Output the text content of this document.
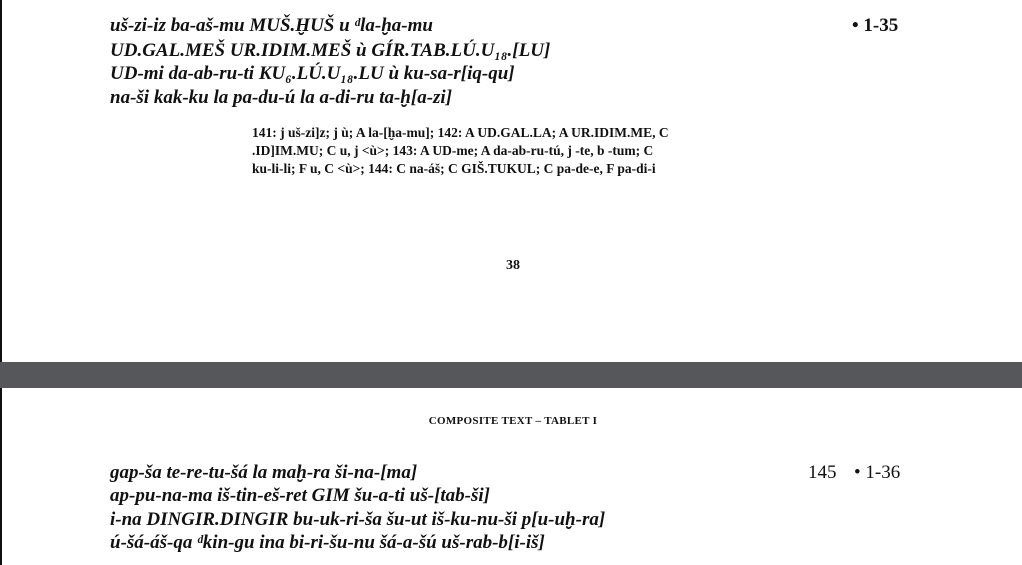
uš-zi-iz ba-aš-mu MUŠ.ḪUŠ u ᵈla-ḫa-mu
UD.GAL.MEŠ UR.IDIM.MEŠ ù GÍR.TAB.LÚ.U₁₈.[LU]
UD-mi da-ab-ru-ti KU₆.LÚ.U₁₈.LU ù ku-sa-r[iq-qu]
na-ši kak-ku la pa-du-ú la a-di-ru ta-ḫ[a-zi]
• 1-35
141: j uš-zi]z; j ù; A la-[ḫa-mu]; 142: A UD.GAL.LA; A UR.IDIM.ME, C
.ID]IM.MU; C u, j <ù>; 143: A UD-me; A da-ab-ru-tú, j -te, b -tum; C
ku-li-li; F u, C <ù>; 144: C na-áš; C GIŠ.TUKUL; C pa-de-e, F pa-di-i
38
COMPOSITE TEXT – TABLET I
gap-ša te-re-tu-šá la maḫ-ra ši-na-[ma]
ap-pu-na-ma iš-tin-eš-ret GIM šu-a-ti uš-[tab-ši]
i-na DINGIR.DINGIR bu-uk-ri-ša šu-ut iš-ku-nu-ši p[u-uḫ-ra]
ú-šá-áš-qa ᵈkin-gu ina bi-ri-šu-nu šá-a-šú uš-rab-b[i-iš]
145 • 1-36
